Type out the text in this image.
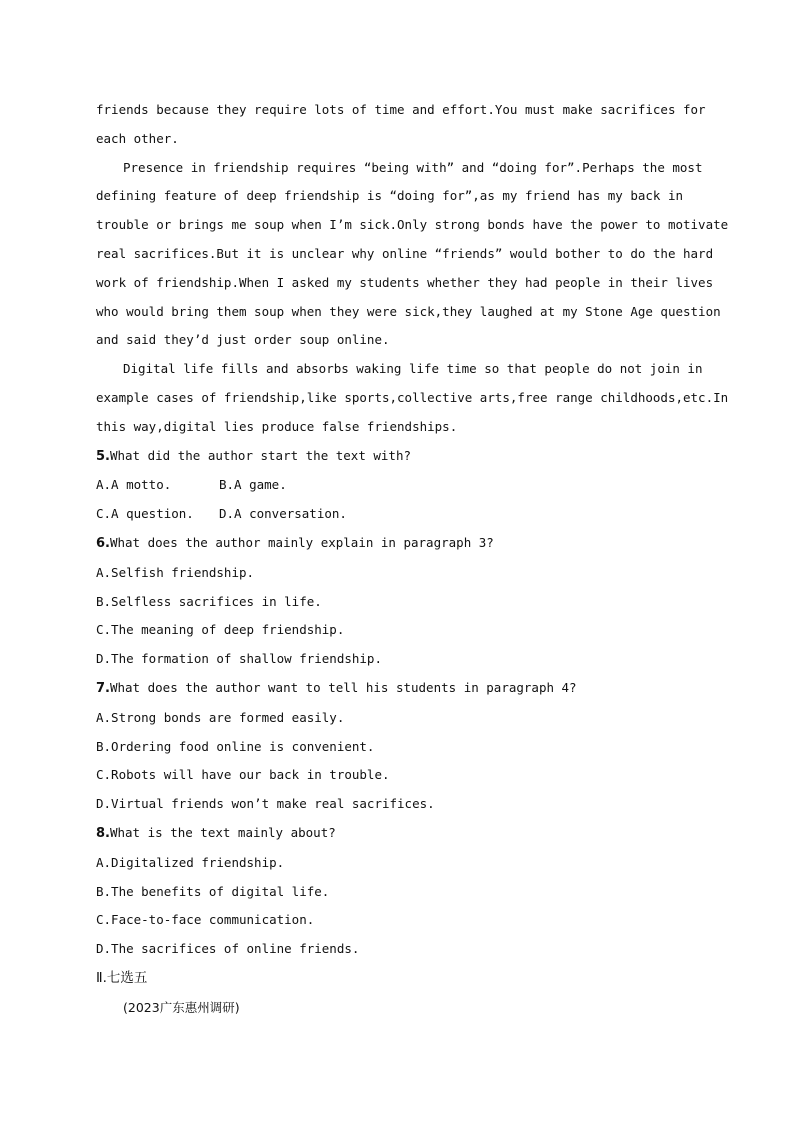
friends because they require lots of time and effort.You must make sacrifices for
each other.
Presence in friendship requires “being with” and “doing for”.Perhaps the most
defining feature of deep friendship is “doing for”,as my friend has my back in
trouble or brings me soup when I’m sick.Only strong bonds have the power to motivate
real sacrifices.But it is unclear why online “friends” would bother to do the hard
work of friendship.When I asked my students whether they had people in their lives
who would bring them soup when they were sick,they laughed at my Stone Age question
and said they’d just order soup online.
Digital life fills and absorbs waking life time so that people do not join in
example cases of friendship,like sports,collective arts,free range childhoods,etc.In
this way,digital lies produce false friendships.
5.What did the author start the text with?
A.A motto.	B.A game.
C.A question. D.A conversation.
6.What does the author mainly explain in paragraph 3?
A.Selfish friendship.
B.Selfless sacrifices in life.
C.The meaning of deep friendship.
D.The formation of shallow friendship.
7.What does the author want to tell his students in paragraph 4?
A.Strong bonds are formed easily.
B.Ordering food online is convenient.
C.Robots will have our back in trouble.
D.Virtual friends won’t make real sacrifices.
8.What is the text mainly about?
A.Digitalized friendship.
B.The benefits of digital life.
C.Face-to-face communication.
D.The sacrifices of online friends.
Ⅱ.七选五
(2023广东惠州调研)
